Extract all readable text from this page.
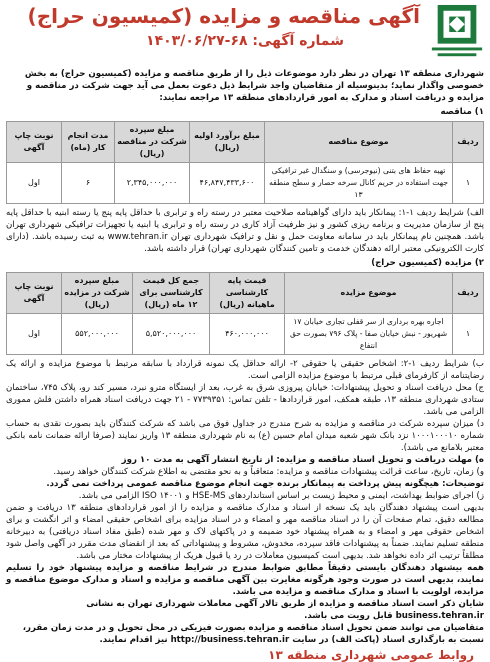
آگهی مناقصه و مزایده (کمیسیون حراج)
شماره آگهی: ۶۸-۱۴۰۳/۰۶/۲۷

شهرداری منطقه ۱۳ تهران در نظر دارد موضوعات ذیل را از طریق مناقصه و مزایده (کمیسیون حراج) به بخش خصوصی واگذار نماید؛ بدینوسیله از متقاضیان واجد شرایط ذیل دعوت بعمل می آید جهت شرکت در مناقصه و مزایده و دریافت اسناد و مدارک به امور قراردادهای منطقه ۱۳ مراجعه نمایند:

۱) مناقصه

ردیف	موضوع مناقصه	مبلغ برآورد اولیه (ریال)	مبلغ سپرده شرکت در مناقصه (ریال)	مدت انجام کار (ماه)	نوبت چاپ آگهی
۱	تهیه حفاظ های بتنی (نیوجرسی) و سنگدال غیر ترافیکی جهت استفاده در حریم کانال سرخه حصار و سطح منطقه ۱۳	۴۶,۸۴۷,۴۳۳,۶۰۰	۲,۳۴۵,۰۰۰,۰۰۰	۶	اول

الف) شرایط ردیف ۱-۱: پیمانکار باید دارای گواهینامه صلاحیت معتبر در رسته راه و ترابری با حداقل پایه پنج یا رسته ابنیه با حداقل پایه پنج از سازمان مدیریت و برنامه ریزی کشور و نیز ظرفیت آزاد کاری در رسته راه و ترابری یا ابنیه یا تجهیزات ترافیکی شهرداری تهران باشد. همچنین نام پیمانکار باید در سامانه معاونت حمل و نقل و ترافیک شهرداری تهران www.tehran.ir به ثبت رسیده باشد. (دارای کارت الکترونیکی معتبر ارائه دهندگان خدمت و تامین کنندگان شهرداری تهران) قرار داشته باشد.

۲) مزایده (کمیسیون حراج)

ردیف	موضوع مزایده	قیمت پایه کارشناسی ماهیانه (ریال)	جمع کل قیمت کارشناسی برای ۱۲ ماه (ریال)	مبلغ سپرده شرکت در مزایده (ریال)	نوبت چاپ آگهی
۱	اجاره بهره برداری از سر قفلی تجاری خیابان ۱۷ شهریور - نبش خیابان صفا - پلاک ۷۹۶ بصورت حق انتفاع	۴۶۰,۰۰۰,۰۰۰	۵,۵۲۰,۰۰۰,۰۰۰	۵۵۲,۰۰۰,۰۰۰	اول

ب) شرایط ردیف ۱-۲: اشخاص حقیقی یا حقوقی ۲- ارائه حداقل یک نمونه قرارداد با سابقه مرتبط با موضوع مزایده و ارائه یک رضایتنامه از کارفرمای قبلی مرتبط با موضوع مزایده الزامی است.

ج) محل دریافت اسناد و تحویل پیشنهادات: خیابان پیروزی شرق به غرب، بعد از ایستگاه مترو نبرد، مسیر کند رو، پلاک ۷۴۵، ساختمان ستادی شهرداری منطقه ۱۳، طبقه همکف، امور قراردادها - تلفن تماس: ۷۷۳۹۳۵۱ - ۲۱ جهت دریافت اسناد همراه داشتن فلش مموری الزامی می باشد.

د) میزان سپرده شرکت در مناقصه و مزایده به شرح مندرج در جداول فوق می باشد که شرکت کنندگان باید بصورت نقدی به حساب شماره ۱۰۰۰۱۰۰۰۱۰ نزد بانک شهر شعبه میدان امام حسین (ع) به نام شهرداری منطقه ۱۳ واریز نمایند (صرفا ارائه ضمانت نامه بانکی معتبر بلامانع می باشد).

ه) مهلت دریافت و تحویل اسناد مناقصه و مزایده: از تاریخ انتشار آگهی به مدت ۱۰ روز

و) زمان، تاریخ، ساعت قرائت پیشنهادات مناقصه و مزایده: متعاقباً و به نحو مقتضی به اطلاع شرکت کنندگان خواهد رسید.

توضیحات: هیچگونه پیش پرداخت به پیمانکار برنده جهت انجام موضوع مناقصه عمومی پرداخت نمی گردد.

ز) اجرای ضوابط بهداشت، ایمنی و محیط زیست بر اساس استانداردهای HSE-MS و ISO ۱۴۰۰۱ الزامی می باشد.

بدیهی است پیشنهاد دهندگان باید یک نسخه از اسناد و مدارک مناقصه و مزایده را از امور قراردادهای منطقه ۱۳ دریافت و ضمن مطالعه دقیق، تمام صفحات آن را در اسناد مناقصه مهر و امضاء و در اسناد مزایده برای اشخاص حقیقی امضاء و اثر انگشت و برای اشخاص حقوقی مهر و امضاء و به همراه پیشنهاد خود ضمیمه و در پاکتهای لاک و مهر شده (طبق مفاد اسناد دریافتی) به دبیرخانه منطقه تسلیم نمایند. ضمناً به پیشنهادات فاقد سپرده، مخدوش، مشروط و پیشنهاداتی که بعد از انقضای مدت مقرر در آگهی واصل شود مطلقاً ترتیب اثر داده نخواهد شد. بدیهی است کمیسیون معاملات در رد یا قبول هریک از پیشنهادات مختار می باشد.

همه بیشنهاد دهندگان بایستی دقیقاً مطابق ضوابط مندرج در شرایط مناقصه و مزایده پیشنهاد خود را تسلیم نمایند، بدیهی است در صورت وجود هرگونه مغایرت بین آگهی مناقصه و مزایده و اسناد و مدارک موضوع مناقصه و مزایده، اولویت با اسناد و مدارک مناقصه و مزایده می باشد.

شایان ذکر است اسناد مناقصه و مزایده از طریق تالار آگهی معاملات شهرداری تهران به نشانی business.tehran.ir قابل رویت می باشد.

متقاضیان می توانند ضمن تحویل اسناد مناقصه و مزایده بصورت فیزیکی در محل تحویل و در مدت زمان مقرر، نسبت به بارگذاری اسناد (پاکت الف) در سایت http://business.tehran.ir نیز اقدام نمایند.

روابط عمومی شهرداری منطقه ۱۳
